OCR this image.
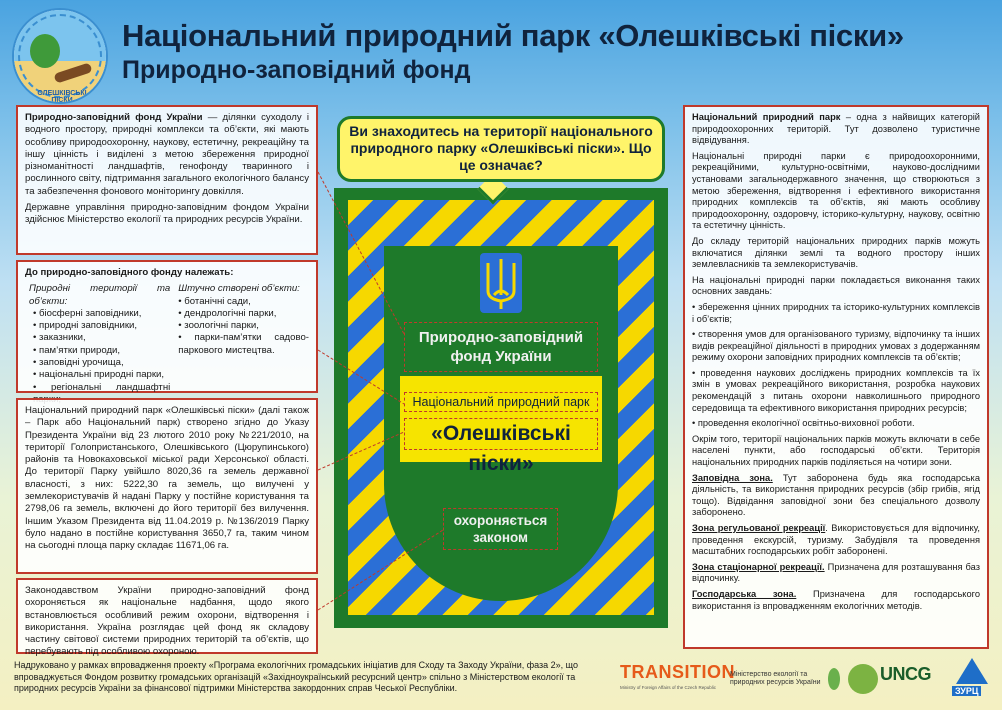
ОЛЕШКІВСЬКІ ПІСКИ
Національний природний парк «Олешківські піски»
Природно-заповідний фонд

Природно-заповідний фонд України — ділянки суходолу і водного простору, природні комплекси та об’єкти, які мають особливу природоохоронну, наукову, естетичну, рекреаційну та іншу цінність і виділені з метою збереження природної різноманітності ландшафтів, генофонду тваринного і рослинного світу, підтримання загального екологічного балансу та забезпечення фонового моніторингу довкілля.

Державне управління природно-заповідним фондом України здійснює Міністерство екології та природних ресурсів України.

До природно-заповідного фонду належать:

Природні території та об’єкти:
• біосферні заповідники,
• природні заповідники,
• заказники,
• пам’ятки природи,
• заповідні урочища,
• національні природні парки,
• регіональні ландшафтні
Штучно створені об’єкти:
• ботанічні сади,
• дендрологічні парки,
• зоологічні парки,
• парки-пам’ятки садово-паркового мистецтва.

Національний природний парк «Олешківські піски» (далі також – Парк або Національний парк) створено згідно до Указу Президента України від 23 лютого 2010 року №221/2010, на території Голопристанського, Олешківського (Цюрупинського) районів та Новокаховської міської ради Херсонської області. До території Парку увійшло 8020,36 га земель державної власності, з них: 5222,30 га земель, що вилучені у землекористувачів й надані Парку у постійне користування та 2798,06 га земель, включені до його території без вилучення. Іншим Указом Президента від 11.04.2019 р. №136/2019 Парку було надано в постійне користування 3650,7 га, таким чином на сьогодні площа парку складає 11671,06 га.

Законодавством України природно-заповідний фонд охороняється як національне надбання, щодо якого встановлюється особливий режим охорони, відтворення і використання. Україна розглядає цей фонд як складову частину світової системи природних територій та об’єктів, що перебувають під особливою охороною.

Природно-заповідний фонд України
Національний природний парк
«Олешківські піски»
охороняється законом
Ви знаходитесь на території національного природного парку «Олешківські піски». Що це означає?

Національний природний парк – одна з найвищих категорій природоохоронних територій. Тут дозволено туристичне відвідування.

Національні природні парки є природоохоронними, рекреаційними, культурно-освітніми, науково-дослідними установами загальнодержавного значення, що створюються з метою збереження, відтворення і ефективного використання природних комплексів та об’єктів, які мають особливу природоохоронну, оздоровчу, історико-культурну, наукову, освітню та естетичну цінність.

До складу територій національних природних парків можуть включатися ділянки землі та водного простору інших землевласників та землекористувачів.

На національні природні парки покладається виконання таких основних завдань:

• збереження цінних природних та історико-культурних комплексів і об’єктів;

• створення умов для організованого туризму, відпочинку та інших видів рекреаційної діяльності в природних умовах з додержанням режиму охорони заповідних природних комплексів та об’єктів;

• проведення наукових досліджень природних комплексів та їх змін в умовах рекреаційного використання, розробка наукових рекомендацій з питань охорони навколишнього природного середовища та ефективного використання природних ресурсів;

• проведення екологічної освітньо-виховної роботи.

Окрім того, території національних парків можуть включати в себе населені пункти, або господарські об’єкти. Територія національних природних парків поділяється на чотири зони.

Заповідна зона. Тут заборонена будь яка господарська діяльність, та використання природних ресурсів (збір грибів, ягід тощо). Відвідання заповідної зони без спеціального дозволу заборонено.

Зона регульованої рекреації. Використовується для відпочинку, проведення екскурсій, туризму. Забудівля та проведення масштабних господарських робіт заборонені.

Зона стаціонарної рекреації. Призначена для розташування баз відпочинку.

Господарська зона. Призначена для господарського використання із впровадженням екологічних методів.

Надруковано у рамках впровадження проекту «Програма екологічних громадських ініціатив для Сходу та Заходу України, фаза 2», що впроваджується Фондом розвитку громадських організацій «Західноукраїнський ресурсний центр» спільно з Міністерством екології та природних ресурсів України за фінансової підтримки Міністерства закордонних справ Чеської Республіки.
TRANSITION
Ministry of Foreign Affairs of the Czech Republic
Міністерство екології та природних ресурсів України	UNCG
ЗУРЦ
